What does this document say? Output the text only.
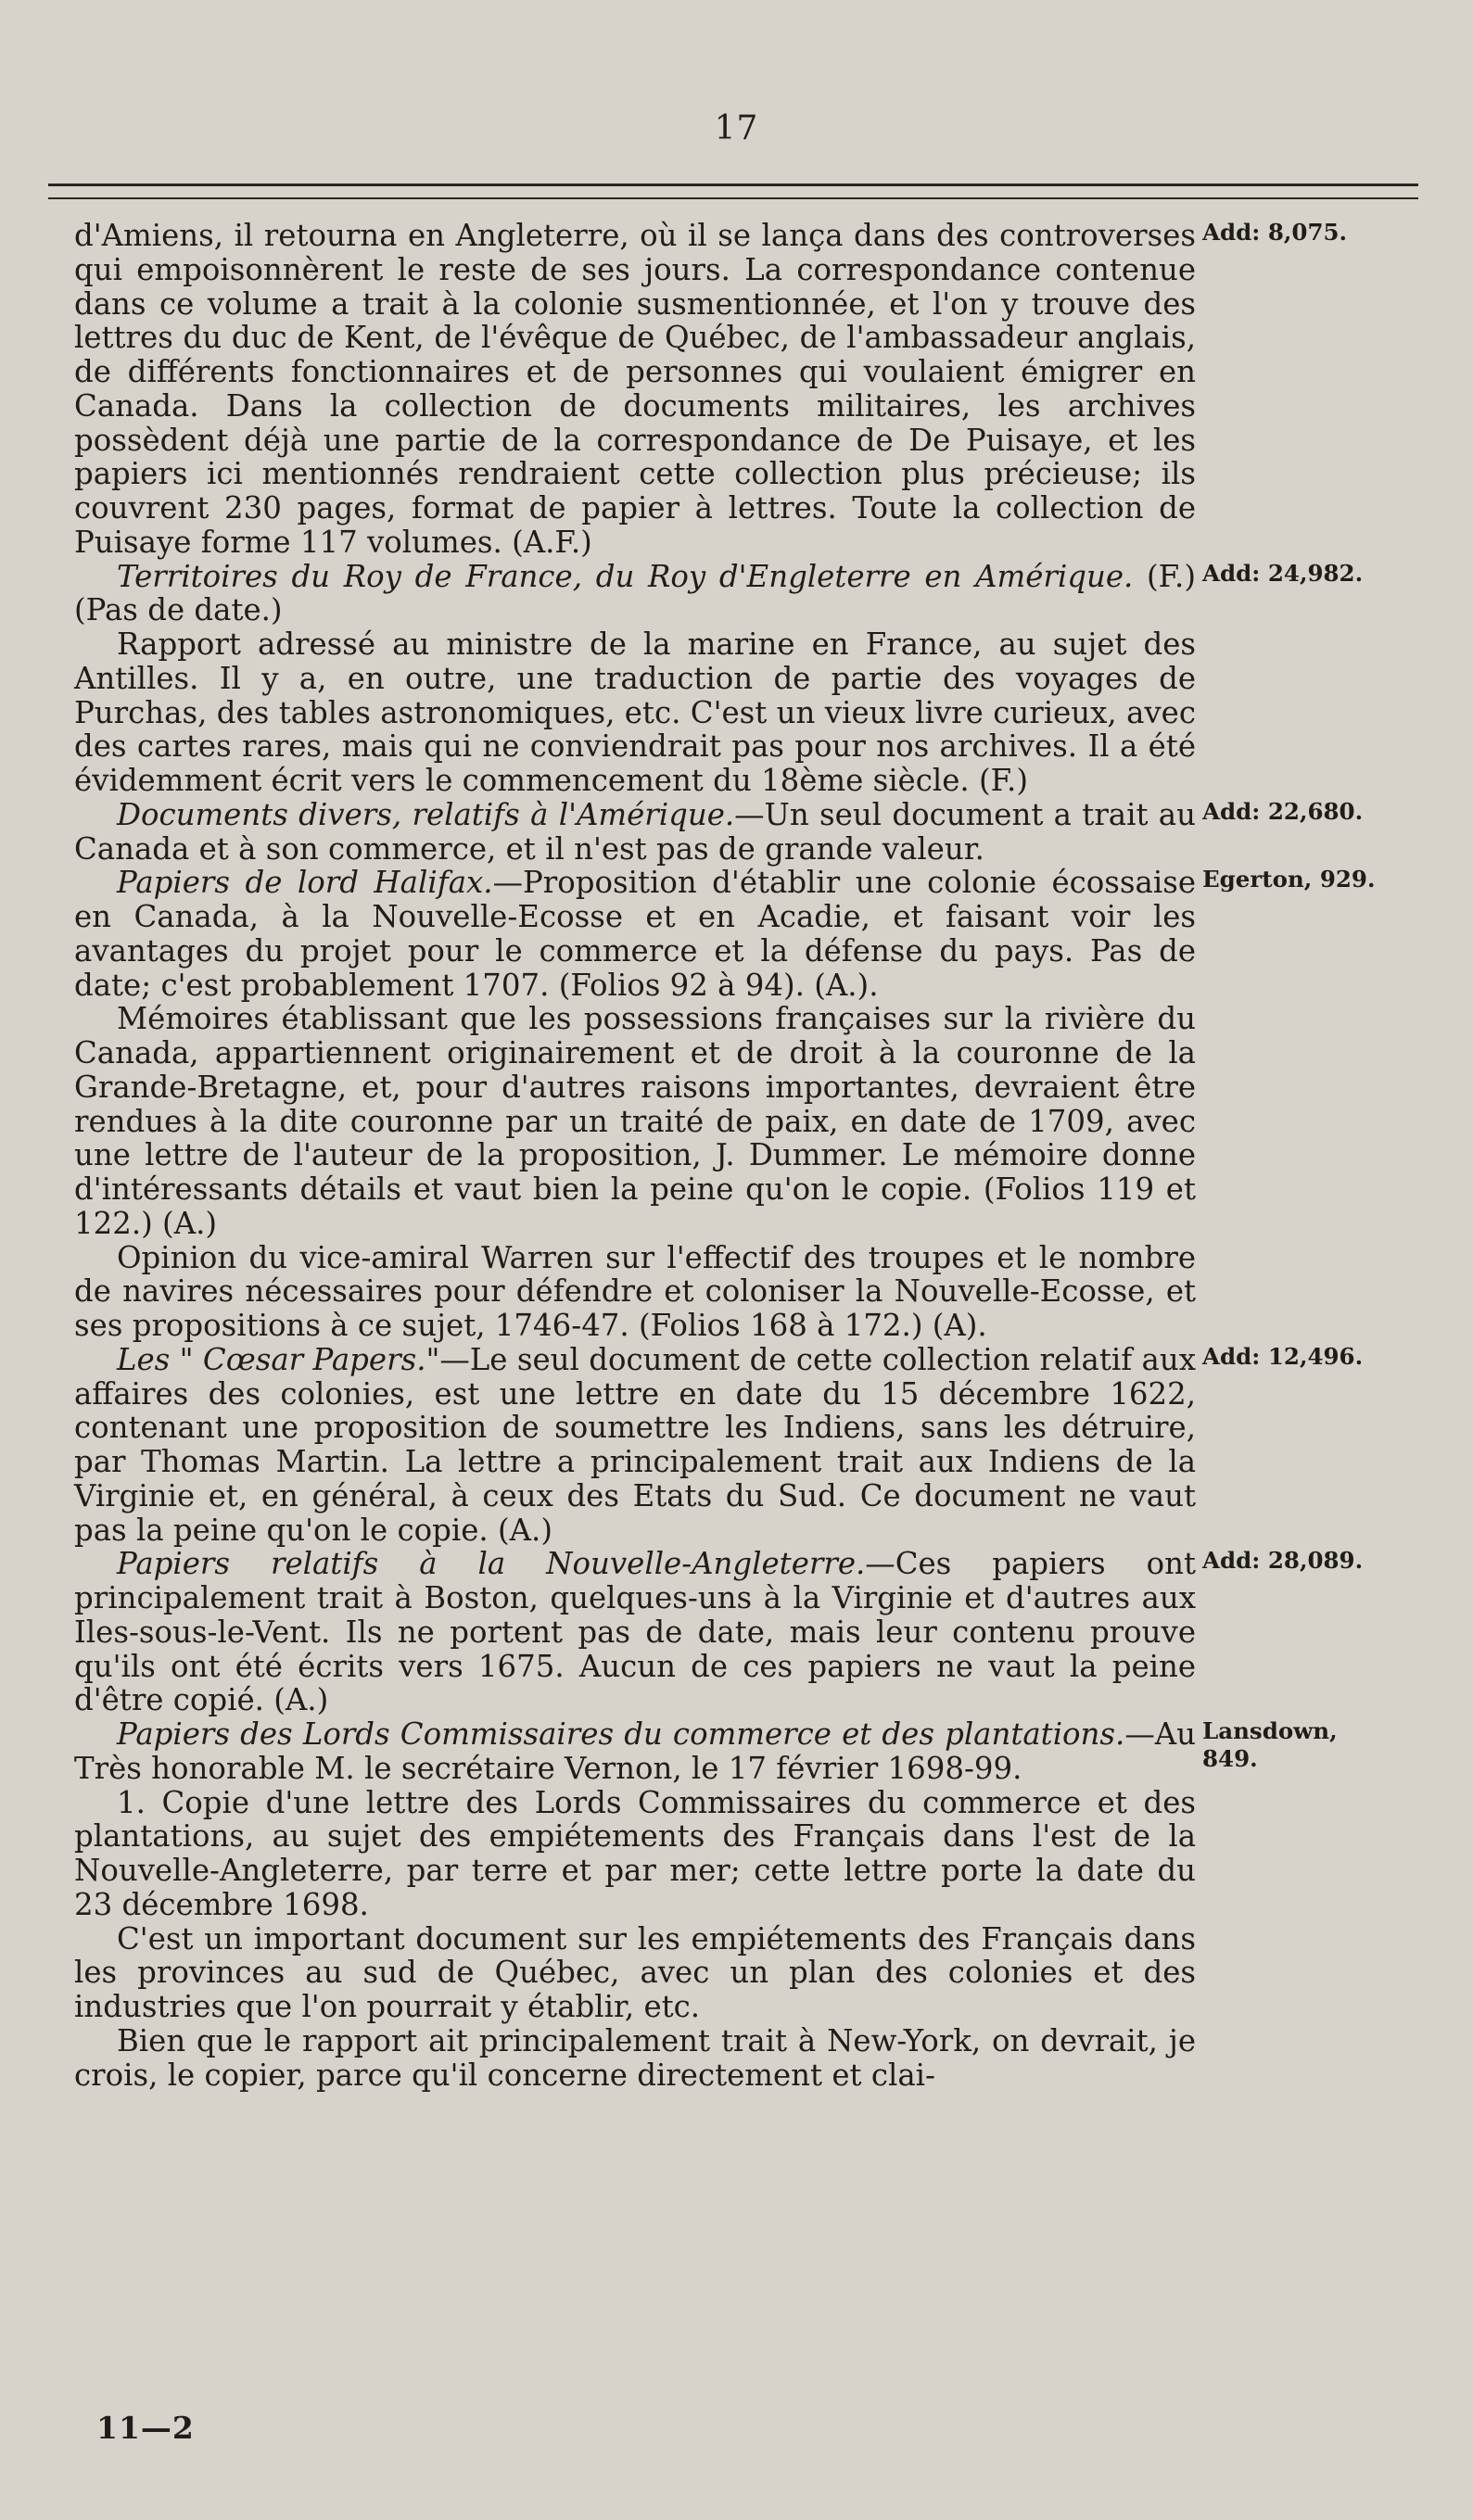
17

d'Amiens, il retourna en Angleterre, où il se lança dans des controverses qui empoisonnèrent le reste de ses jours. La correspondance contenue dans ce volume a trait à la colonie susmentionnée, et l'on y trouve des lettres du duc de Kent, de l'évêque de Québec, de l'ambassadeur anglais, de différents fonctionnaires et de personnes qui voulaient émigrer en Canada. Dans la collection de documents militaires, les archives possèdent déjà une partie de la correspondance de De Puisaye, et les papiers ici mentionnés rendraient cette collection plus précieuse; ils couvrent 230 pages, format de papier à lettres. Toute la collection de Puisaye forme 117 volumes. (A.F.)
Add: 8,075.

Territoires du Roy de France, du Roy d'Engleterre en Amérique. (F.) (Pas de date.)
Add: 24,982.

Rapport adressé au ministre de la marine en France, au sujet des Antilles. Il y a, en outre, une traduction de partie des voyages de Purchas, des tables astronomiques, etc. C'est un vieux livre curieux, avec des cartes rares, mais qui ne conviendrait pas pour nos archives. Il a été évidemment écrit vers le commencement du 18ème siècle. (F.)

Documents divers, relatifs à l'Amérique.—Un seul document a trait au Canada et à son commerce, et il n'est pas de grande valeur.
Add: 22,680.

Papiers de lord Halifax.—Proposition d'établir une colonie écossaise en Canada, à la Nouvelle-Ecosse et en Acadie, et faisant voir les avantages du projet pour le commerce et la défense du pays. Pas de date; c'est probablement 1707. (Folios 92 à 94). (A.).
Egerton, 929.

Mémoires établissant que les possessions françaises sur la rivière du Canada, appartiennent originairement et de droit à la couronne de la Grande-Bretagne, et, pour d'autres raisons importantes, devraient être rendues à la dite couronne par un traité de paix, en date de 1709, avec une lettre de l'auteur de la proposition, J. Dummer. Le mémoire donne d'intéressants détails et vaut bien la peine qu'on le copie. (Folios 119 et 122.) (A.)

Opinion du vice-amiral Warren sur l'effectif des troupes et le nombre de navires nécessaires pour défendre et coloniser la Nouvelle-Ecosse, et ses propositions à ce sujet, 1746-47. (Folios 168 à 172.) (A).

Les " Cœsar Papers."—Le seul document de cette collection relatif aux affaires des colonies, est une lettre en date du 15 décembre 1622, contenant une proposition de soumettre les Indiens, sans les détruire, par Thomas Martin. La lettre a principalement trait aux Indiens de la Virginie et, en général, à ceux des Etats du Sud. Ce document ne vaut pas la peine qu'on le copie. (A.)
Add: 12,496.

Papiers relatifs à la Nouvelle-Angleterre.—Ces papiers ont principalement trait à Boston, quelques-uns à la Virginie et d'autres aux Iles-sous-le-Vent. Ils ne portent pas de date, mais leur contenu prouve qu'ils ont été écrits vers 1675. Aucun de ces papiers ne vaut la peine d'être copié. (A.)
Add: 28,089.

Papiers des Lords Commissaires du commerce et des plantations.—Au Très honorable M. le secrétaire Vernon, le 17 février 1698-99.
Lansdown,
849.

1. Copie d'une lettre des Lords Commissaires du commerce et des plantations, au sujet des empiétements des Français dans l'est de la Nouvelle-Angleterre, par terre et par mer; cette lettre porte la date du 23 décembre 1698.

C'est un important document sur les empiétements des Français dans les provinces au sud de Québec, avec un plan des colonies et des industries que l'on pourrait y établir, etc.

Bien que le rapport ait principalement trait à New-York, on devrait, je crois, le copier, parce qu'il concerne directement et clai-

11—2
